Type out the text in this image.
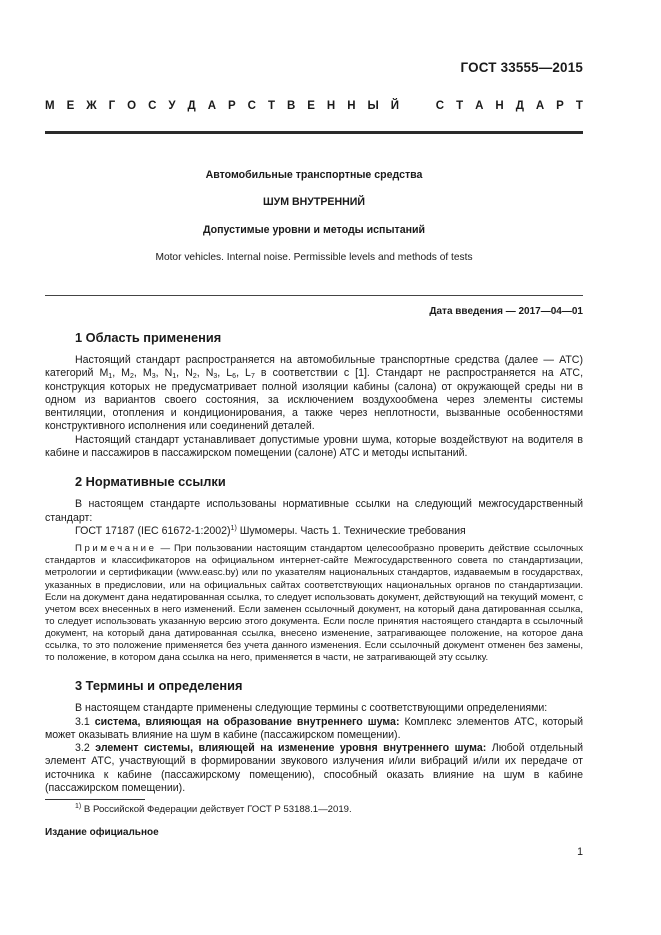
ГОСТ 33555—2015
М Е Ж Г О С У Д А Р С Т В Е Н Н Ы Й
	С Т А Н Д А Р Т
Автомобильные транспортные средства
ШУМ ВНУТРЕННИЙ
Допустимые уровни и методы испытаний
Motor vehicles. Internal noise. Permissible levels and methods of tests
Дата введения — 2017—04—01
1 Область применения

Настоящий стандарт распространяется на автомобильные транспортные средства (далее — АТС) категорий $M_1$, $M_2$, $M_3$, $N_1$, $N_2$, $N_3$, $L_6$, $L_7$ в соответствии с [1]. Стандарт не распространяется на АТС, конструкция которых не предусматривает полной изоляции кабины (салона) от окружающей среды ни в одном из вариантов своего состояния, за исключением воздухообмена через элементы системы вентиляции, отопления и кондиционирования, а также через неплотности, вызванные особенностями конструктивного исполнения или соединений деталей.

Настоящий стандарт устанавливает допустимые уровни шума, которые воздействуют на водителя в кабине и пассажиров в пассажирском помещении (салоне) АТС и методы испытаний.

2 Нормативные ссылки

В настоящем стандарте использованы нормативные ссылки на следующий межгосударственный стандарт:

ГОСТ 17187 (IEC 61672-1:2002)$^{1)}$ Шумомеры. Часть 1. Технические требования

Примечание — При пользовании настоящим стандартом целесообразно проверить действие ссылочных стандартов и классификаторов на официальном интернет-сайте Межгосударственного совета по стандартизации, метрологии и сертификации (www.easc.by) или по указателям национальных стандартов, издаваемым в государствах, указанных в предисловии, или на официальных сайтах соответствующих национальных органов по стандартизации. Если на документ дана недатированная ссылка, то следует использовать документ, действующий на текущий момент, с учетом всех внесенных в него изменений. Если заменен ссылочный документ, на который дана датированная ссылка, то следует использовать указанную версию этого документа. Если после принятия настоящего стандарта в ссылочный документ, на который дана датированная ссылка, внесено изменение, затрагивающее положение, на которое дана ссылка, то это положение применяется без учета данного изменения. Если ссылочный документ отменен без замены, то положение, в котором дана ссылка на него, применяется в части, не затрагивающей эту ссылку.

3 Термины и определения

В настоящем стандарте применены следующие термины с соответствующими определениями:

3.1 система, влияющая на образование внутреннего шума: Комплекс элементов АТС, который может оказывать влияние на шум в кабине (пассажирском помещении).

3.2 элемент системы, влияющей на изменение уровня внутреннего шума: Любой отдельный элемент АТС, участвующий в формировании звукового излучения и/или вибраций и/или их передаче от источника к кабине (пассажирскому помещению), способный оказать влияние на шум в кабине (пассажирском помещении).

$^{1)}$ В Российской Федерации действует ГОСТ Р 53188.1—2019.
Издание официальное
1
